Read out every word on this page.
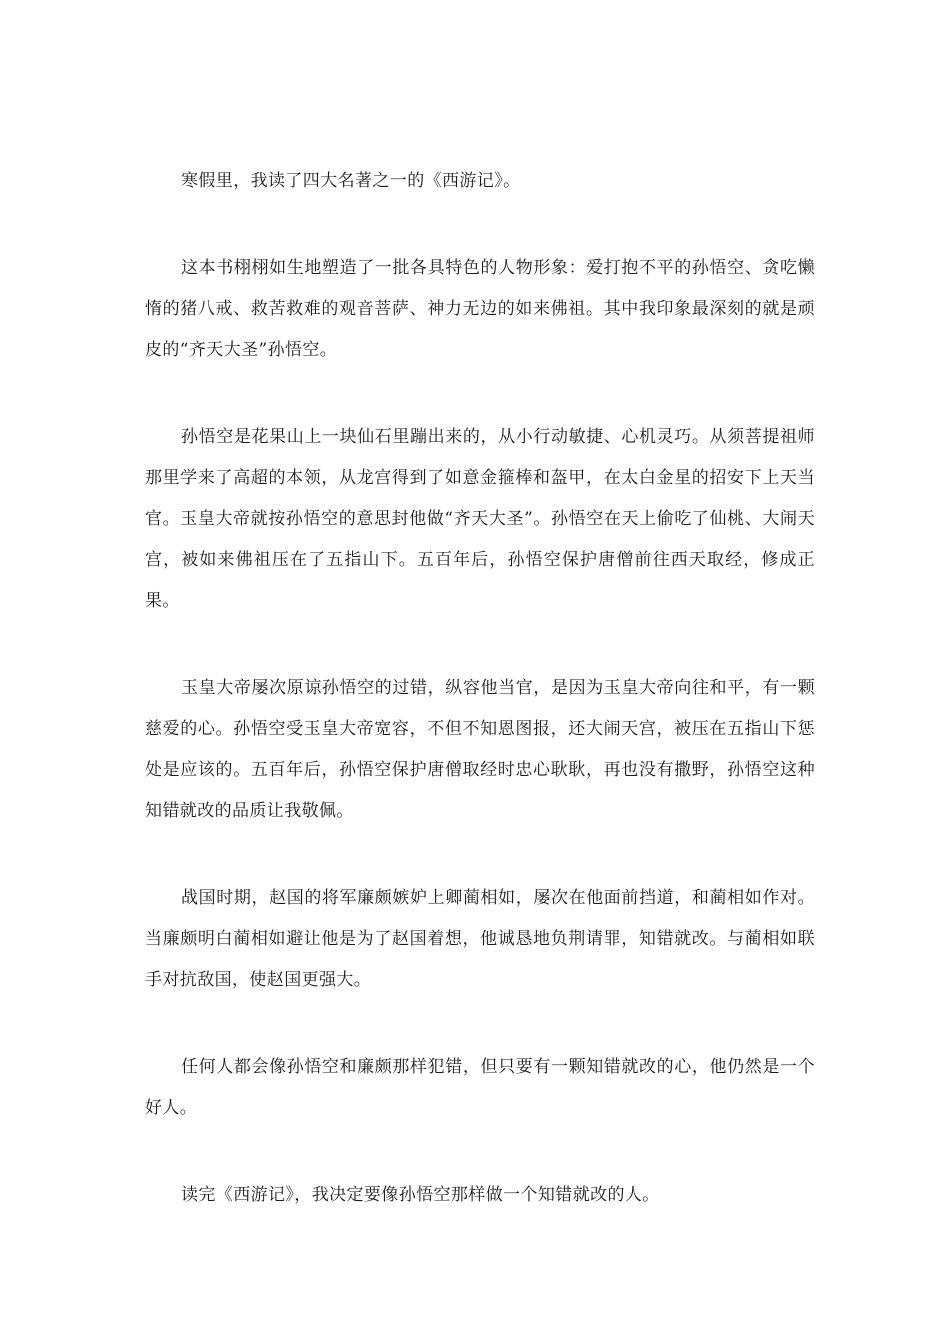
寒假里，我读了四大名著之一的《西游记》。

这本书栩栩如生地塑造了一批各具特色的人物形象：爱打抱不平的孙悟空、贪吃懒惰的猪八戒、救苦救难的观音菩萨、神力无边的如来佛祖。其中我印象最深刻的就是顽皮的“齐天大圣”孙悟空。

孙悟空是花果山上一块仙石里蹦出来的，从小行动敏捷、心机灵巧。从须菩提祖师那里学来了高超的本领，从龙宫得到了如意金箍棒和盔甲，在太白金星的招安下上天当官。玉皇大帝就按孙悟空的意思封他做“齐天大圣”。孙悟空在天上偷吃了仙桃、大闹天宫，被如来佛祖压在了五指山下。五百年后，孙悟空保护唐僧前往西天取经，修成正果。

玉皇大帝屡次原谅孙悟空的过错，纵容他当官，是因为玉皇大帝向往和平，有一颗慈爱的心。孙悟空受玉皇大帝宽容，不但不知恩图报，还大闹天宫，被压在五指山下惩处是应该的。五百年后，孙悟空保护唐僧取经时忠心耿耿，再也没有撒野，孙悟空这种知错就改的品质让我敬佩。

战国时期，赵国的将军廉颇嫉妒上卿蔺相如，屡次在他面前挡道，和蔺相如作对。当廉颇明白蔺相如避让他是为了赵国着想，他诚恳地负荆请罪，知错就改。与蔺相如联手对抗敌国，使赵国更强大。

任何人都会像孙悟空和廉颇那样犯错，但只要有一颗知错就改的心，他仍然是一个好人。

读完《西游记》，我决定要像孙悟空那样做一个知错就改的人。
